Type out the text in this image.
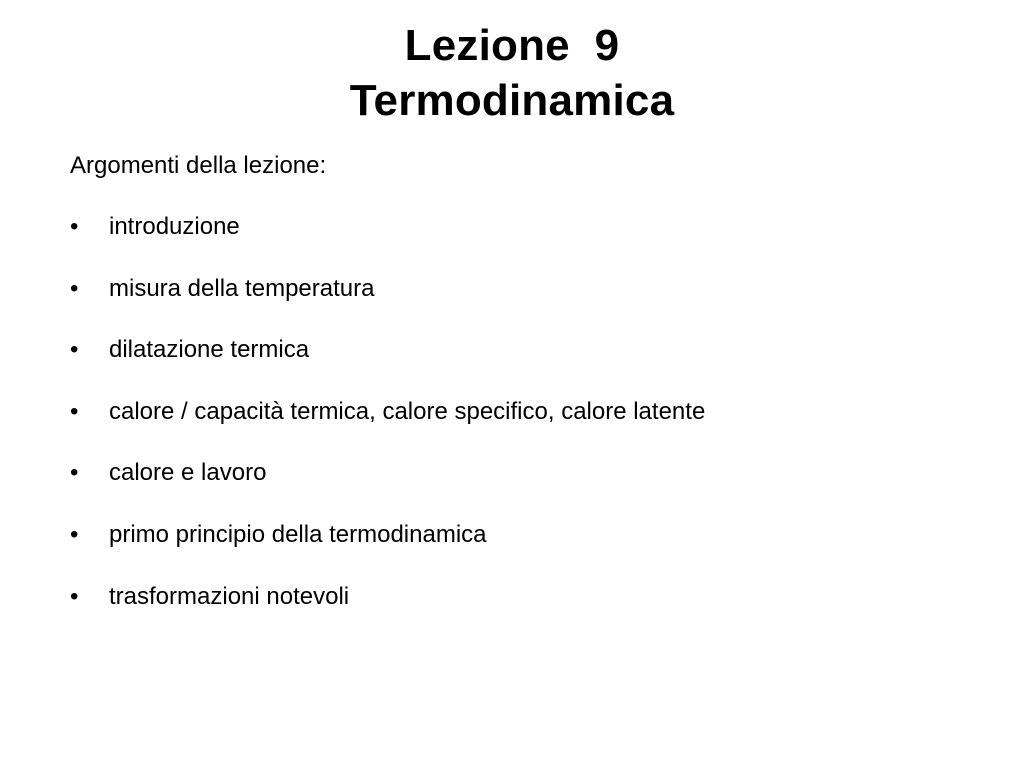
Lezione  9
Termodinamica
Argomenti della lezione:
•	introduzione
•	misura della temperatura
•	dilatazione termica
•	calore / capacità termica, calore specifico, calore latente
•	calore e lavoro
•	primo principio della termodinamica
•	trasformazioni notevoli
